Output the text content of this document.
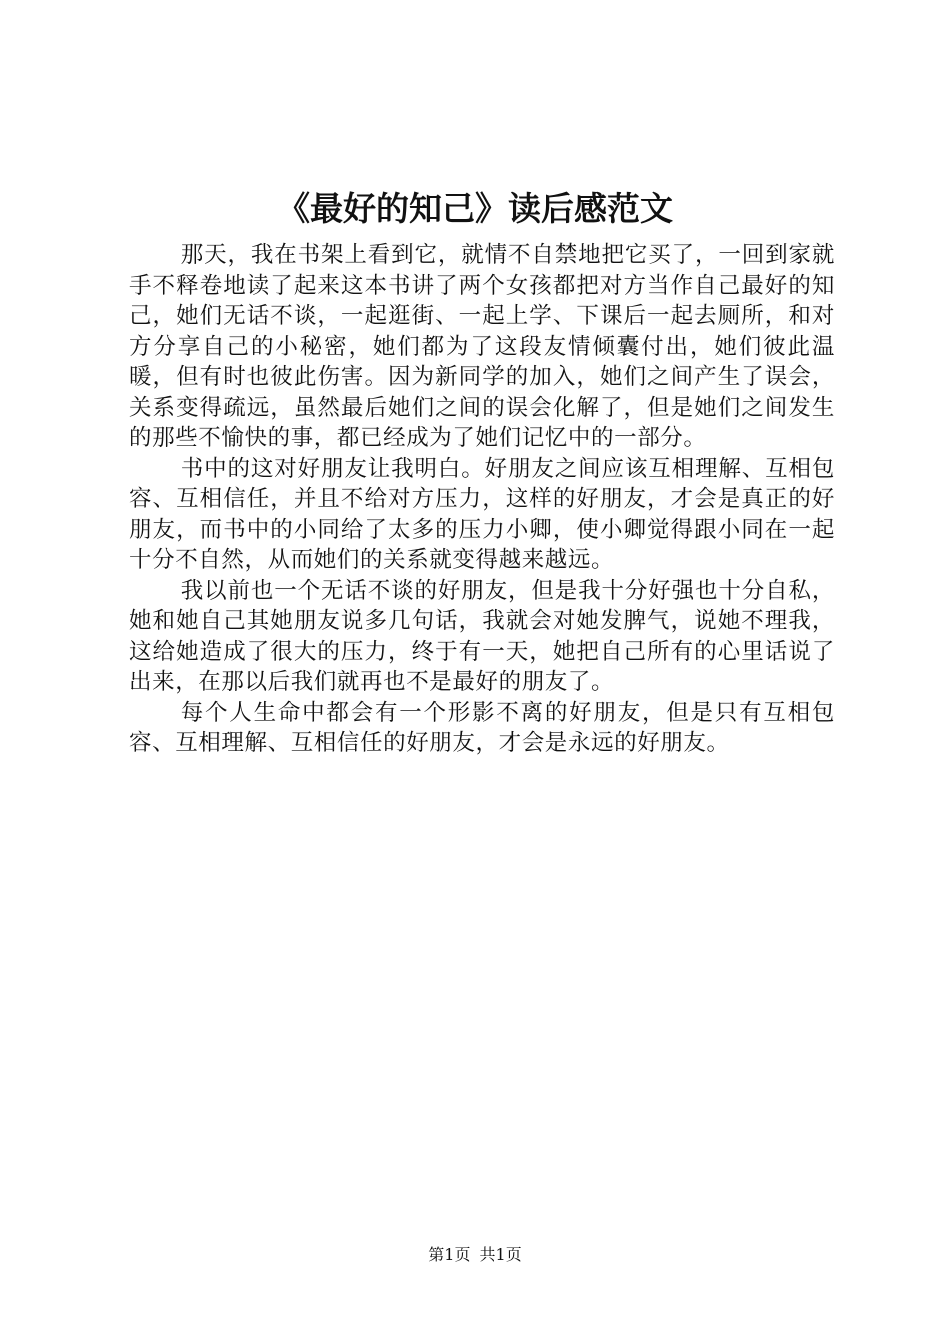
《最好的知己》读后感范文

那天，我在书架上看到它，就情不自禁地把它买了，一回到家就手不释卷地读了起来这本书讲了两个女孩都把对方当作自己最好的知己，她们无话不谈，一起逛街、一起上学、下课后一起去厕所，和对方分享自己的小秘密，她们都为了这段友情倾囊付出，她们彼此温暖，但有时也彼此伤害。因为新同学的加入，她们之间产生了误会，关系变得疏远，虽然最后她们之间的误会化解了，但是她们之间发生的那些不愉快的事，都已经成为了她们记忆中的一部分。

书中的这对好朋友让我明白。好朋友之间应该互相理解、互相包容、互相信任，并且不给对方压力，这样的好朋友，才会是真正的好朋友，而书中的小同给了太多的压力小卿，使小卿觉得跟小同在一起十分不自然，从而她们的关系就变得越来越远。

我以前也一个无话不谈的好朋友，但是我十分好强也十分自私，她和她自己其她朋友说多几句话，我就会对她发脾气，说她不理我，这给她造成了很大的压力，终于有一天，她把自己所有的心里话说了出来，在那以后我们就再也不是最好的朋友了。

每个人生命中都会有一个形影不离的好朋友，但是只有互相包容、互相理解、互相信任的好朋友，才会是永远的好朋友。

第1页 共1页
